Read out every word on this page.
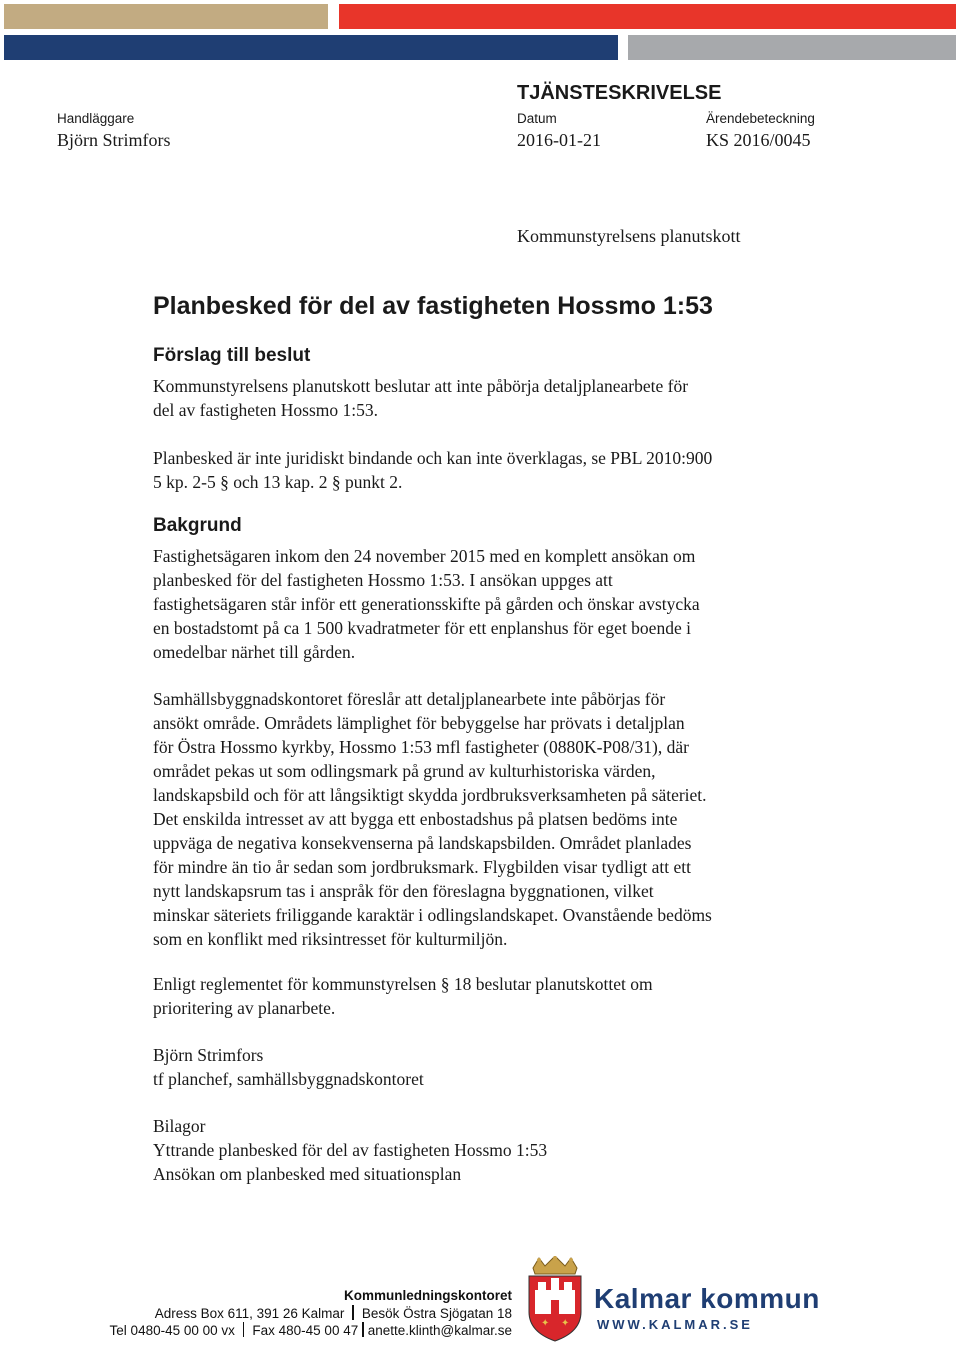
TJÄNSTESKRIVELSE
Handläggare	Datum	Ärendebeteckning
Björn Strimfors	2016-01-21	KS 2016/0045
Kommunstyrelsens planutskott
Planbesked för del av fastigheten Hossmo 1:53
Förslag till beslut
Kommunstyrelsens planutskott beslutar att inte påbörja detaljplanearbete för
del av fastigheten Hossmo 1:53.
Planbesked är inte juridiskt bindande och kan inte överklagas, se PBL 2010:900
5 kp. 2-5 § och 13 kap. 2 § punkt 2.
Bakgrund
Fastighetsägaren inkom den 24 november 2015 med en komplett ansökan om
planbesked för del fastigheten Hossmo 1:53. I ansökan uppges att
fastighetsägaren står inför ett generationsskifte på gården och önskar avstycka
en bostadstomt på ca 1 500 kvadratmeter för ett enplanshus för eget boende i
omedelbar närhet till gården.
Samhällsbyggnadskontoret föreslår att detaljplanearbete inte påbörjas för
ansökt område. Områdets lämplighet för bebyggelse har prövats i detaljplan
för Östra Hossmo kyrkby, Hossmo 1:53 mfl fastigheter (0880K-P08/31), där
området pekas ut som odlingsmark på grund av kulturhistoriska värden,
landskapsbild och för att långsiktigt skydda jordbruksverksamheten på säteriet.
Det enskilda intresset av att bygga ett enbostadshus på platsen bedöms inte
uppväga de negativa konsekvenserna på landskapsbilden. Området planlades
för mindre än tio år sedan som jordbruksmark. Flygbilden visar tydligt att ett
nytt landskapsrum tas i anspråk för den föreslagna byggnationen, vilket
minskar säteriets friliggande karaktär i odlingslandskapet. Ovanstående bedöms
som en konflikt med riksintresset för kulturmiljön.
Enligt reglementet för kommunstyrelsen § 18 beslutar planutskottet om
prioritering av planarbete.
Björn Strimfors
tf planchef, samhällsbyggnadskontoret
Bilagor
Yttrande planbesked för del av fastigheten Hossmo 1:53
Ansökan om planbesked med situationsplan
Kommunledningskontoret
Adress Box 611, 391 26 Kalmar Besök Östra Sjögatan 18
Tel 0480-45 00 00 vx Fax 480-45 00 47 anette.klinth@kalmar.se	✦ ✦
Kalmar kommun
WWW.KALMAR.SE
